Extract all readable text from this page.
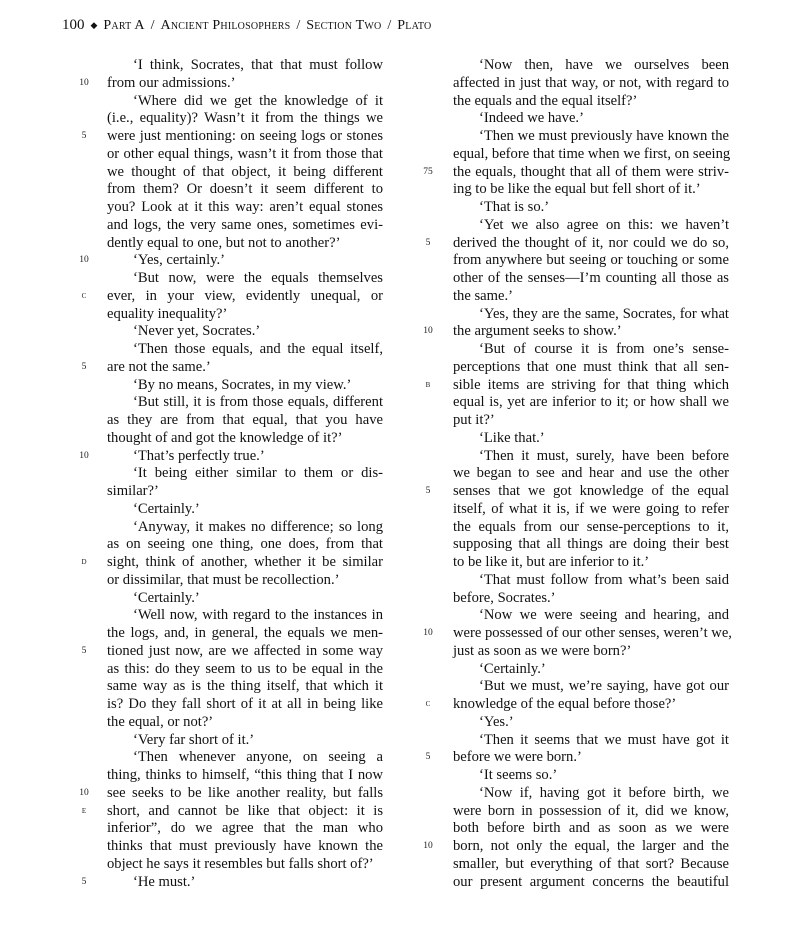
100 ◆ Part A / Ancient Philosophers / Section Two / Plato
‘I think, Socrates, that that must follow
from our admissions.’
‘Where did we get the knowledge of it
(i.e., equality)? Wasn’t it from the things we
were just mentioning: on seeing logs or stones
or other equal things, wasn’t it from those that
we thought of that object, it being different
from them? Or doesn’t it seem different to
you? Look at it this way: aren’t equal stones
and logs, the very same ones, sometimes evi-
dently equal to one, but not to another?’
‘Yes, certainly.’
‘But now, were the equals themselves
ever, in your view, evidently unequal, or
equality inequality?’
‘Never yet, Socrates.’
‘Then those equals, and the equal itself,
are not the same.’
‘By no means, Socrates, in my view.’
‘But still, it is from those equals, different
as they are from that equal, that you have
thought of and got the knowledge of it?’
‘That’s perfectly true.’
‘It being either similar to them or dis-
similar?’
‘Certainly.’
‘Anyway, it makes no difference; so long
as on seeing one thing, one does, from that
sight, think of another, whether it be similar
or dissimilar, that must be recollection.’
‘Certainly.’
‘Well now, with regard to the instances in
the logs, and, in general, the equals we men-
tioned just now, are we affected in some way
as this: do they seem to us to be equal in the
same way as is the thing itself, that which it
is? Do they fall short of it at all in being like
the equal, or not?’
‘Very far short of it.’
‘Then whenever anyone, on seeing a
thing, thinks to himself, “this thing that I now
see seeks to be like another reality, but falls
short, and cannot be like that object: it is
inferior”, do we agree that the man who
thinks that must previously have known the
object he says it resembles but falls short of?’
‘He must.’
‘Now then, have we ourselves been
affected in just that way, or not, with regard to
the equals and the equal itself?’
‘Indeed we have.’
‘Then we must previously have known the
equal, before that time when we first, on seeing
the equals, thought that all of them were striv-
ing to be like the equal but fell short of it.’
‘That is so.’
‘Yet we also agree on this: we haven’t
derived the thought of it, nor could we do so,
from anywhere but seeing or touching or some
other of the senses—I’m counting all those as
the same.’
‘Yes, they are the same, Socrates, for what
the argument seeks to show.’
‘But of course it is from one’s sense-
perceptions that one must think that all sen-
sible items are striving for that thing which
equal is, yet are inferior to it; or how shall we
put it?’
‘Like that.’
‘Then it must, surely, have been before
we began to see and hear and use the other
senses that we got knowledge of the equal
itself, of what it is, if we were going to refer
the equals from our sense-perceptions to it,
supposing that all things are doing their best
to be like it, but are inferior to it.’
‘That must follow from what’s been said
before, Socrates.’
‘Now we were seeing and hearing, and
were possessed of our other senses, weren’t we,
just as soon as we were born?’
‘Certainly.’
‘But we must, we’re saying, have got our
knowledge of the equal before those?’
‘Yes.’
‘Then it seems that we must have got it
before we were born.’
‘It seems so.’
‘Now if, having got it before birth, we
were born in possession of it, did we know,
both before birth and as soon as we were
born, not only the equal, the larger and the
smaller, but everything of that sort? Because
our present argument concerns the beautiful
10
5
10
c
5
10
d
5
10
e
5
75
5
10
b
5
10
c
5
10
